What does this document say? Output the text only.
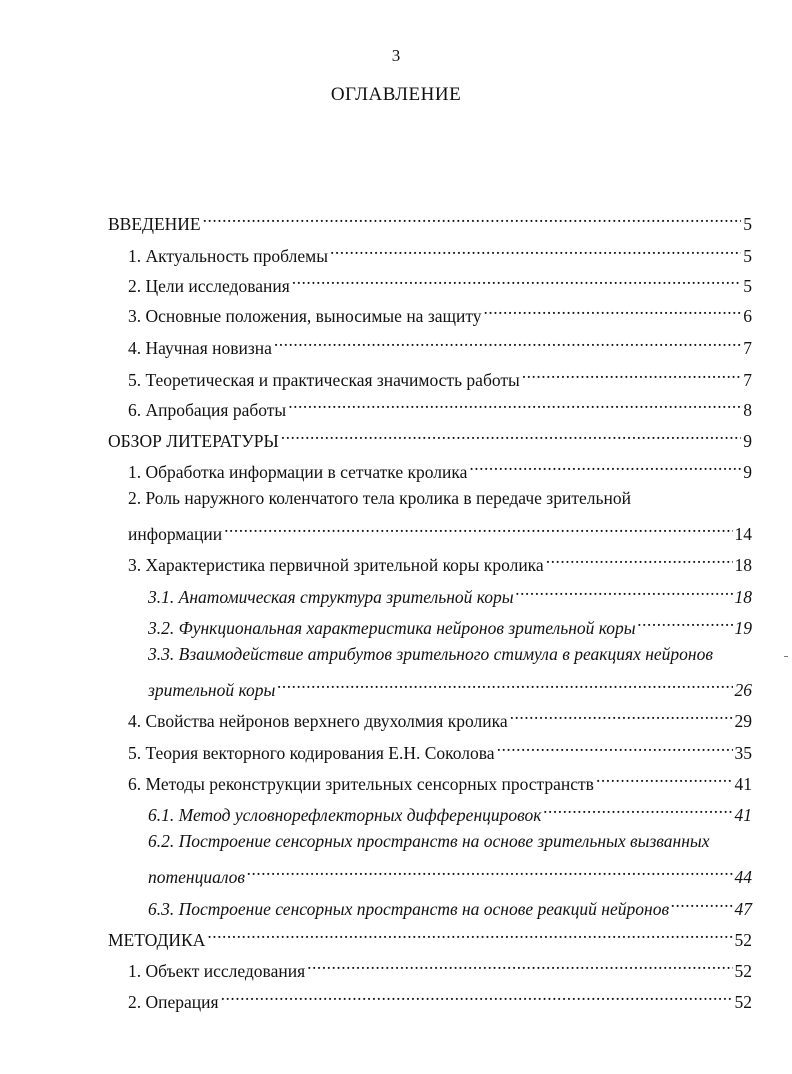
3
ОГЛАВЛЕНИЕ
ВВЕДЕНИЕ .....	5
1. Актуальность проблемы .....	5
2. Цели исследования .....	5
3. Основные положения, выносимые на защиту .....	6
4. Научная новизна .....	7
5. Теоретическая и практическая значимость работы .....	7
6. Апробация работы .....	8
ОБЗОР ЛИТЕРАТУРЫ .....	9
1. Обработка информации в сетчатке кролика .....	9
2. Роль наружного коленчатого тела кролика в передаче зрительной
информации .....	14
3. Характеристика первичной зрительной коры кролика .....	18
3.1. Анатомическая структура зрительной коры .....	18
3.2. Функциональная характеристика нейронов зрительной коры .....	19
3.3. Взаимодействие атрибутов зрительного стимула в реакциях нейронов
зрительной коры .....	26
4. Свойства нейронов верхнего двухолмия кролика .....	29
5. Теория векторного кодирования Е.Н. Соколова .....	35
6. Методы реконструкции зрительных сенсорных пространств .....	41
6.1. Метод условнорефлекторных дифференцировок .....	41
6.2. Построение сенсорных пространств на основе зрительных вызванных
потенциалов .....	44
6.3. Построение сенсорных пространств на основе реакций нейронов .....	47
МЕТОДИКА .....	52
1. Объект исследования .....	52
2. Операция .....	52
